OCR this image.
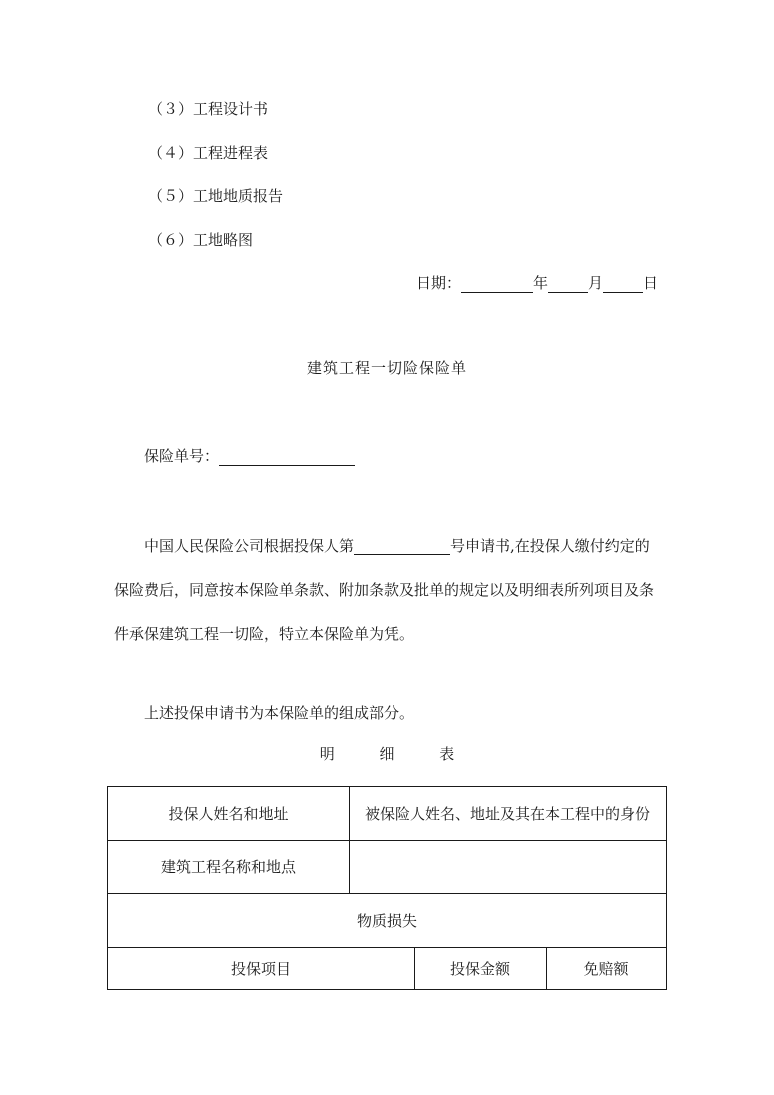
（３）工程设计书
（４）工程进程表
（５）工地地质报告
（６）工地略图
日期：	年	月	日
建筑工程一切险保险单
保险单号：
中国人民保险公司根据投保人第	号申请书,在投保人缴付约定的
保险费后，同意按本保险单条款、附加条款及批单的规定以及明细表所列项目及条件承保建筑工程一切险，特立本保险单为凭。
上述投保申请书为本保险单的组成部分。
明	细	表
投保人姓名和地址	被保险人姓名、地址及其在本工程中的身份
建筑工程名称和地点
物质损失
投保项目	投保金额	免赔额
